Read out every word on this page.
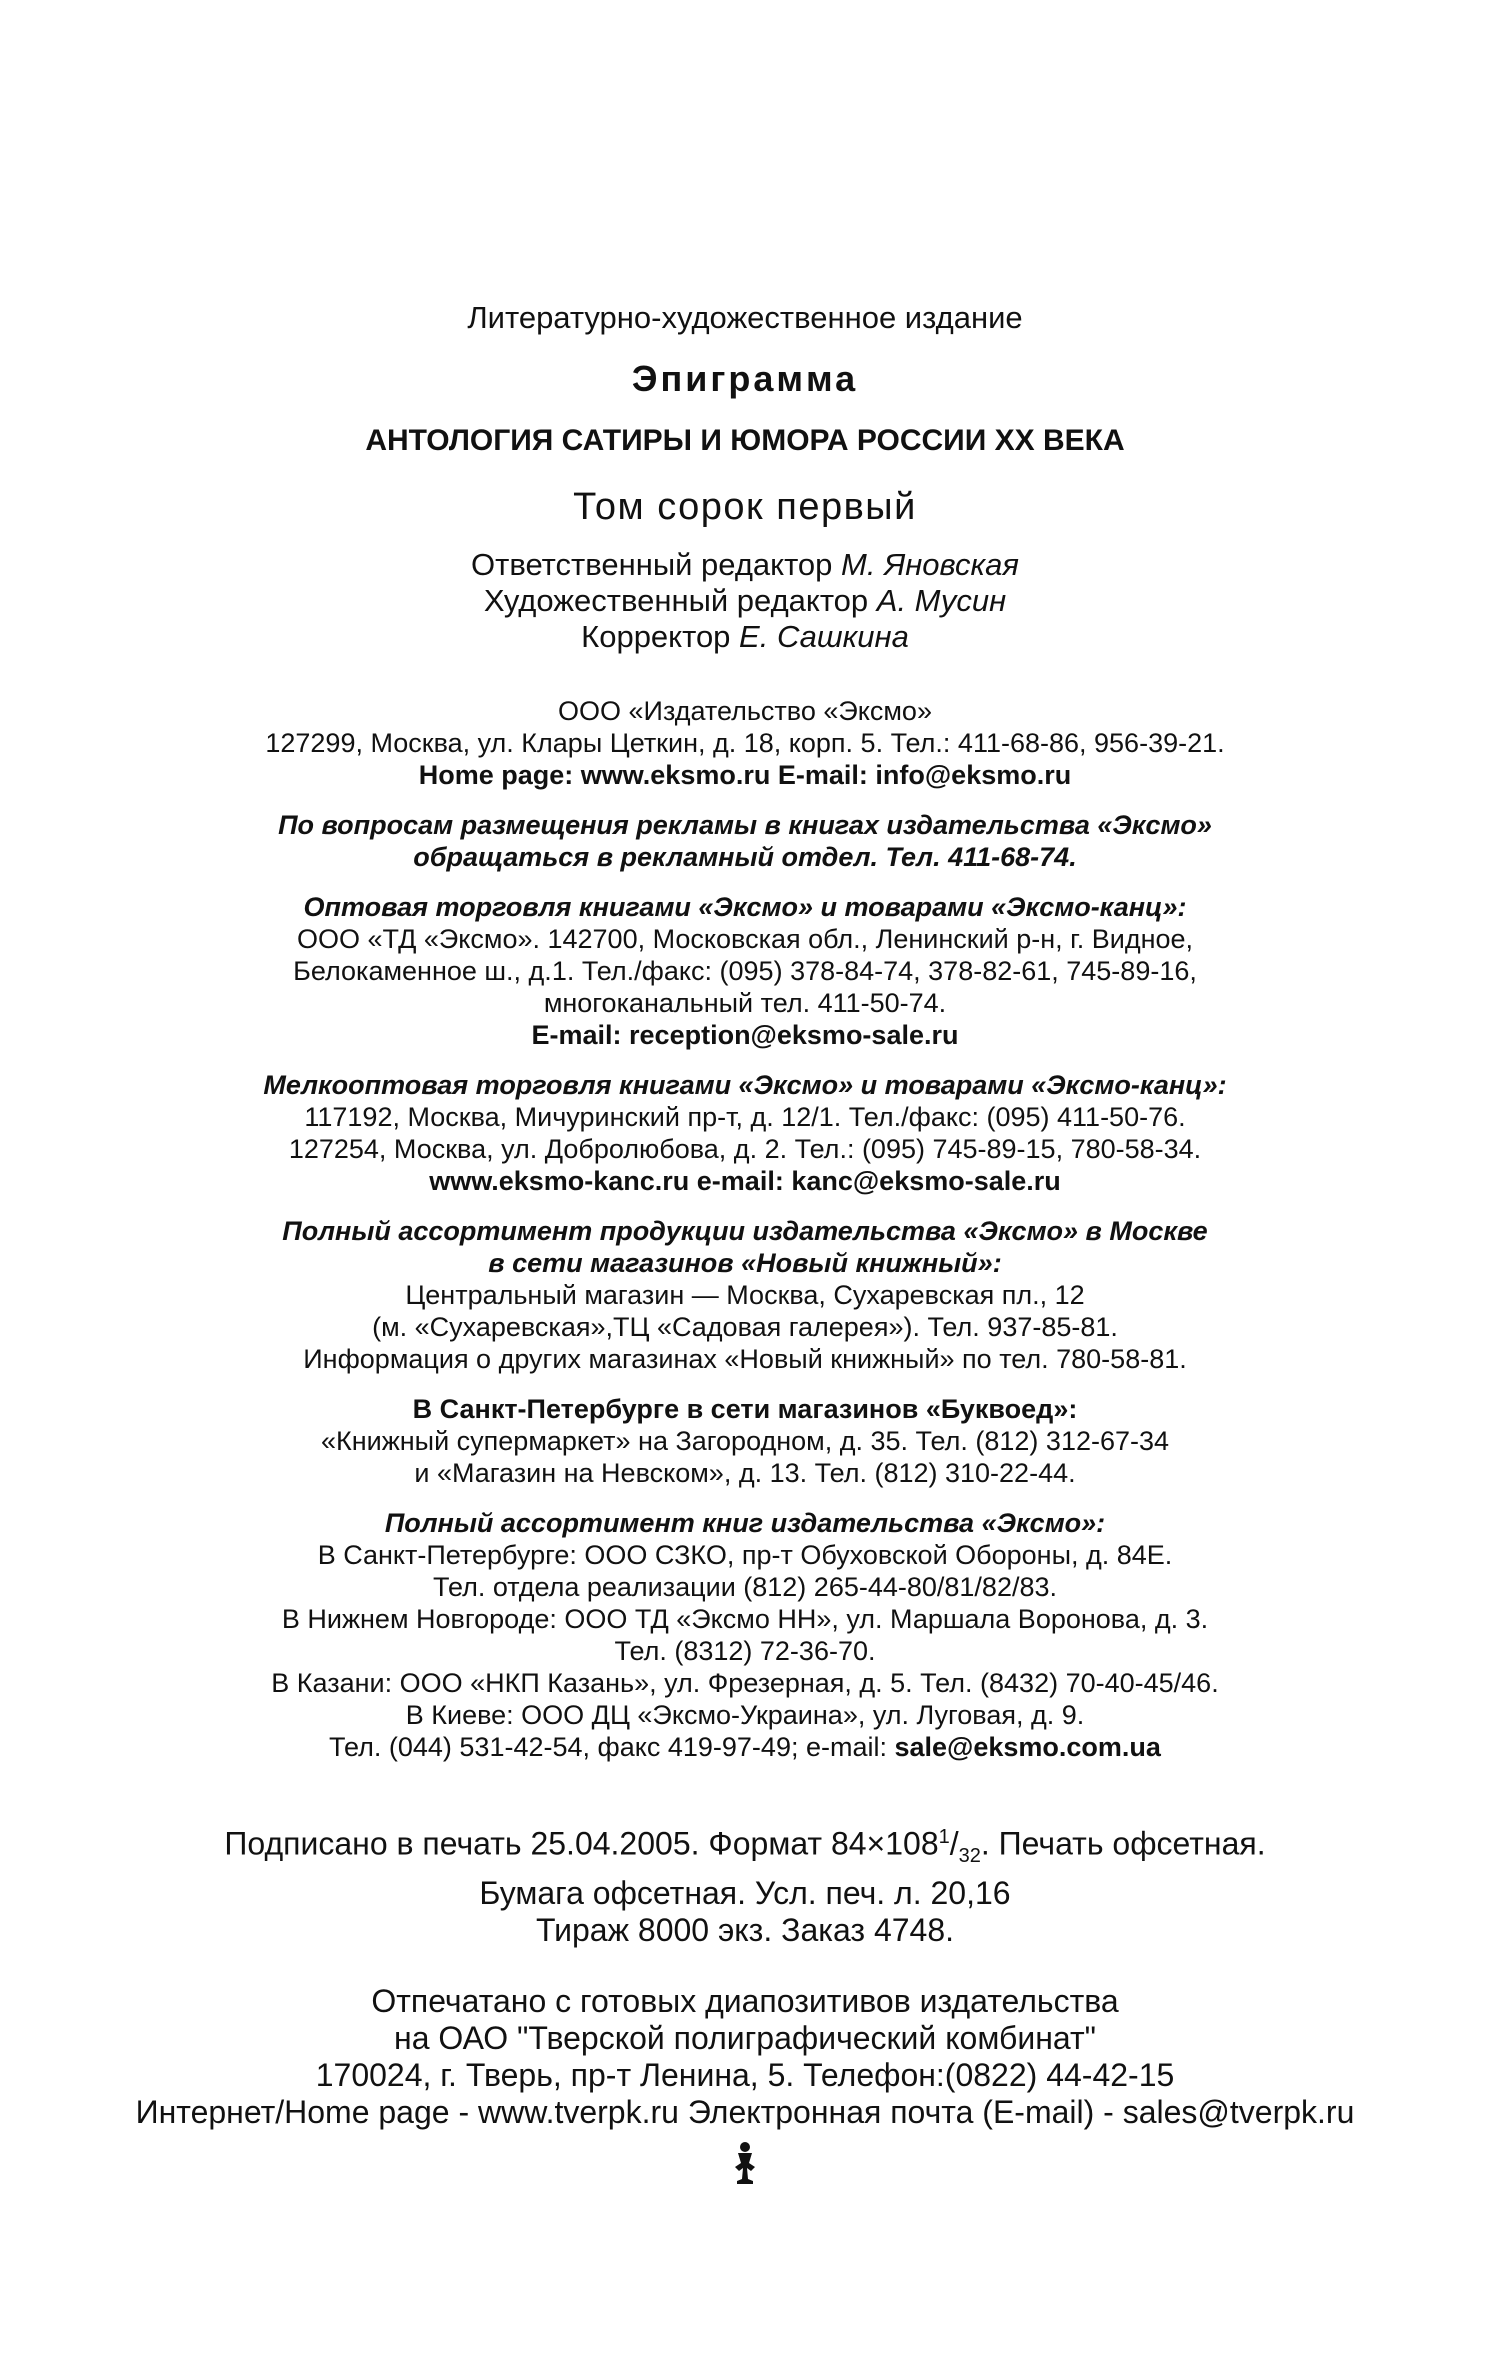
Литературно-художественное издание
Эпиграмма
АНТОЛОГИЯ САТИРЫ И ЮМОРА РОССИИ XX ВЕКА
Том сорок первый
Ответственный редактор М. Яновская
Художественный редактор А. Мусин
Корректор Е. Сашкина
ООО «Издательство «Эксмо»
127299, Москва, ул. Клары Цеткин, д. 18, корп. 5. Тел.: 411-68-86, 956-39-21.
Home page: www.eksmo.ru E-mail: info@eksmo.ru
По вопросам размещения рекламы в книгах издательства «Эксмо»
обращаться в рекламный отдел. Тел. 411-68-74.
Оптовая торговля книгами «Эксмо» и товарами «Эксмо-канц»:
ООО «ТД «Эксмо». 142700, Московская обл., Ленинский р-н, г. Видное,
Белокаменное ш., д.1. Тел./факс: (095) 378-84-74, 378-82-61, 745-89-16,
многоканальный тел. 411-50-74.
E-mail: reception@eksmo-sale.ru
Мелкооптовая торговля книгами «Эксмо» и товарами «Эксмо-канц»:
117192, Москва, Мичуринский пр-т, д. 12/1. Тел./факс: (095) 411-50-76.
127254, Москва, ул. Добролюбова, д. 2. Тел.: (095) 745-89-15, 780-58-34.
www.eksmo-kanc.ru e-mail: kanc@eksmo-sale.ru
Полный ассортимент продукции издательства «Эксмо» в Москве
в сети магазинов «Новый книжный»:
Центральный магазин — Москва, Сухаревская пл., 12
(м. «Сухаревская»,ТЦ «Садовая галерея»). Тел. 937-85-81.
Информация о других магазинах «Новый книжный» по тел. 780-58-81.
В Санкт-Петербурге в сети магазинов «Буквоед»:
«Книжный супермаркет» на Загородном, д. 35. Тел. (812) 312-67-34
и «Магазин на Невском», д. 13. Тел. (812) 310-22-44.
Полный ассортимент книг издательства «Эксмо»:
В Санкт-Петербурге: ООО СЗКО, пр-т Обуховской Обороны, д. 84Е.
Тел. отдела реализации (812) 265-44-80/81/82/83.
В Нижнем Новгороде: ООО ТД «Эксмо НН», ул. Маршала Воронова, д. 3.
Тел. (8312) 72-36-70.
В Казани: ООО «НКП Казань», ул. Фрезерная, д. 5. Тел. (8432) 70-40-45/46.
В Киеве: ООО ДЦ «Эксмо-Украина», ул. Луговая, д. 9.
Тел. (044) 531-42-54, факс 419-97-49; e-mail: sale@eksmo.com.ua
Подписано в печать 25.04.2005. Формат $84\times 108^1/_{32}$. Печать офсетная.
Бумага офсетная. Усл. печ. л. 20,16
Тираж 8000 экз. Заказ 4748.
Отпечатано с готовых диапозитивов издательства
на ОАО "Тверской полиграфический комбинат"
170024, г. Тверь, пр-т Ленина, 5. Телефон:(0822) 44-42-15
Интернет/Home page - www.tverpk.ru Электронная почта (E-mail) - sales@tverpk.ru
